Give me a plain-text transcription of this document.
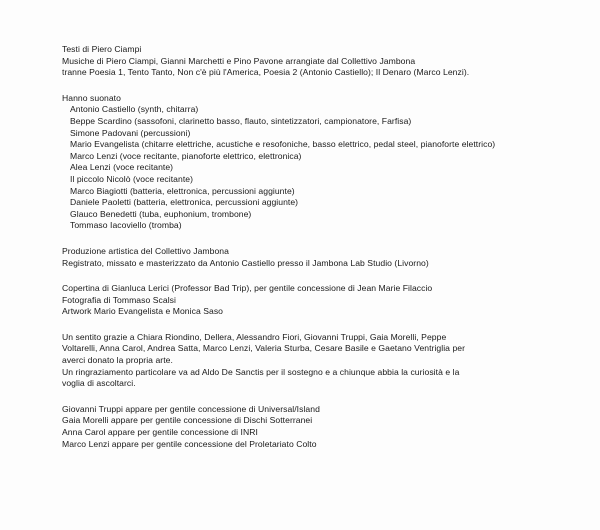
Testi di Piero Ciampi
Musiche di Piero Ciampi, Gianni Marchetti e Pino Pavone arrangiate dal Collettivo Jambona
tranne Poesia 1, Tento Tanto, Non c'è più l'America, Poesia 2 (Antonio Castiello); Il Denaro (Marco Lenzi).
Hanno suonato
Antonio Castiello (synth, chitarra)
Beppe Scardino (sassofoni, clarinetto basso, flauto, sintetizzatori, campionatore, Farfisa)
Simone Padovani (percussioni)
Mario Evangelista (chitarre elettriche, acustiche e resofoniche, basso elettrico, pedal steel, pianoforte elettrico)
Marco Lenzi (voce recitante, pianoforte elettrico, elettronica)
Alea Lenzi (voce recitante)
Il piccolo Nicolò (voce recitante)
Marco Biagiotti (batteria, elettronica, percussioni aggiunte)
Daniele Paoletti (batteria, elettronica, percussioni aggiunte)
Glauco Benedetti (tuba, euphonium, trombone)
Tommaso Iacoviello (tromba)
Produzione artistica del Collettivo Jambona
Registrato, missato e masterizzato da Antonio Castiello presso il Jambona Lab Studio (Livorno)
Copertina di Gianluca Lerici (Professor Bad Trip), per gentile concessione di Jean Marie Filaccio
Fotografia di Tommaso Scalsi
Artwork Mario Evangelista e Monica Saso
Un sentito grazie a Chiara Riondino, Dellera, Alessandro Fiori, Giovanni Truppi, Gaia Morelli, Peppe
Voltarelli, Anna Carol, Andrea Satta, Marco Lenzi, Valeria Sturba, Cesare Basile e Gaetano Ventriglia per
averci donato la propria arte.
Un ringraziamento particolare va ad Aldo De Sanctis per il sostegno e a chiunque abbia la curiosità e la
voglia di ascoltarci.
Giovanni Truppi appare per gentile concessione di Universal/Island
Gaia Morelli appare per gentile concessione di Dischi Sotterranei
Anna Carol appare per gentile concessione di INRI
Marco Lenzi appare per gentile concessione del Proletariato Colto
